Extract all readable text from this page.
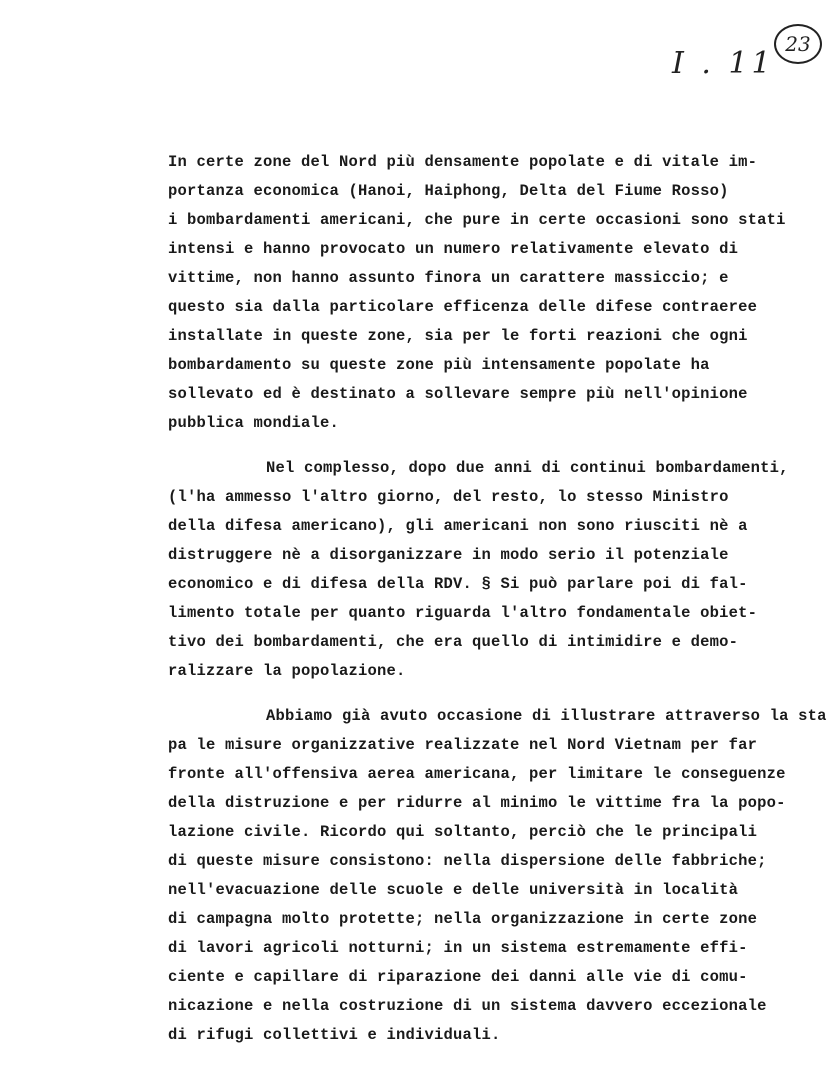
I . 11
23
In certe zone del Nord più densamente popolate e di vitale im-
portanza economica (Hanoi, Haiphong, Delta del Fiume Rosso)
i bombardamenti americani, che pure in certe occasioni sono stati
intensi e hanno provocato un numero relativamente elevato di
vittime, non hanno assunto finora un carattere massiccio; e
questo sia dalla particolare efficenza delle difese contraeree
installate in queste zone, sia per le forti reazioni che ogni
bombardamento su queste zone più intensamente popolate ha
sollevato ed è destinato a sollevare sempre più nell'opinione
pubblica mondiale.
Nel complesso, dopo due anni di continui bombardamenti,
(l'ha ammesso l'altro giorno, del resto, lo stesso Ministro
della difesa americano), gli americani non sono riusciti nè a
distruggere nè a disorganizzare in modo serio il potenziale
economico e di difesa della RDV. § Si può parlare poi di fal-
limento totale per quanto riguarda l'altro fondamentale obiet-
tivo dei bombardamenti, che era quello di intimidire e demo-
ralizzare la popolazione.
Abbiamo già avuto occasione di illustrare attraverso la sta
pa le misure organizzative realizzate nel Nord Vietnam per far
fronte all'offensiva aerea americana, per limitare le conseguenze
della distruzione e per ridurre al minimo le vittime fra la popo-
lazione civile. Ricordo qui soltanto, perciò che le principali
di queste misure consistono: nella dispersione delle fabbriche;
nell'evacuazione delle scuole e delle università in località
di campagna molto protette; nella organizzazione in certe zone
di lavori agricoli notturni; in un sistema estremamente effi-
ciente e capillare di riparazione dei danni alle vie di comu-
nicazione e nella costruzione di un sistema davvero eccezionale
di rifugi collettivi e individuali.
